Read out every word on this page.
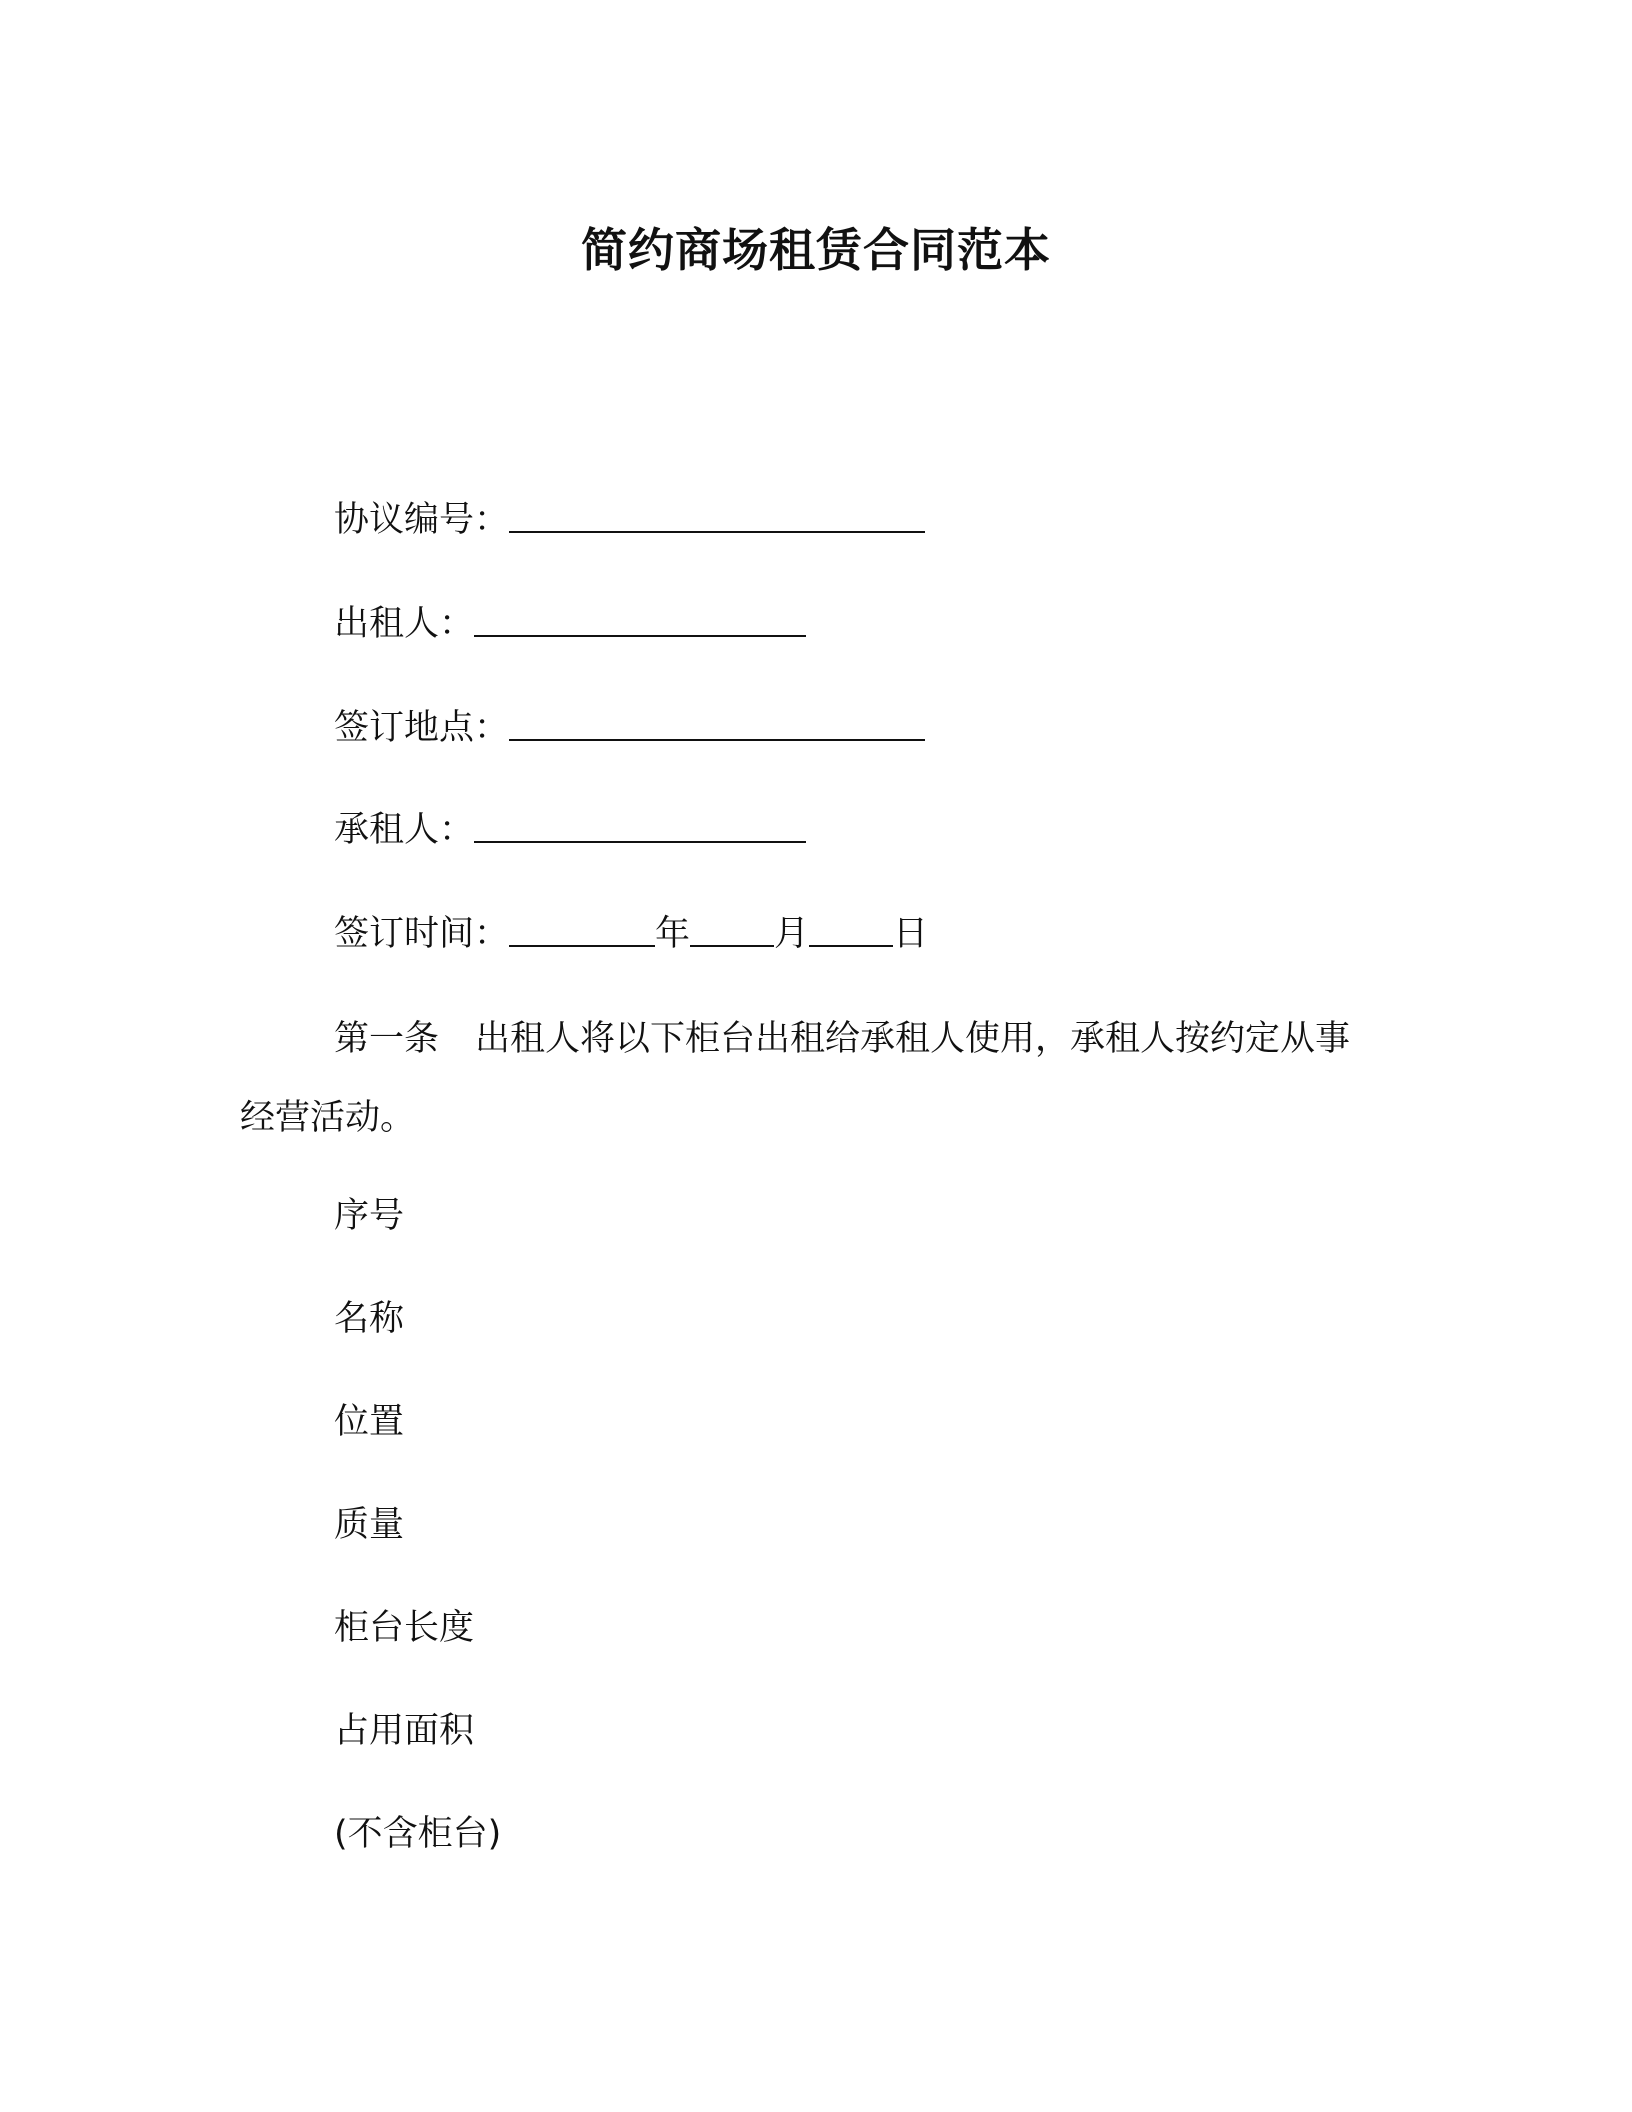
简约商场租赁合同范本
协议编号：
出租人：
签订地点：
承租人：
签订时间：	年 月 日
第一条 出租人将以下柜台出租给承租人使用，承租人按约定从事经营活动。
序号
名称
位置
质量
柜台长度
占用面积
(不含柜台)
